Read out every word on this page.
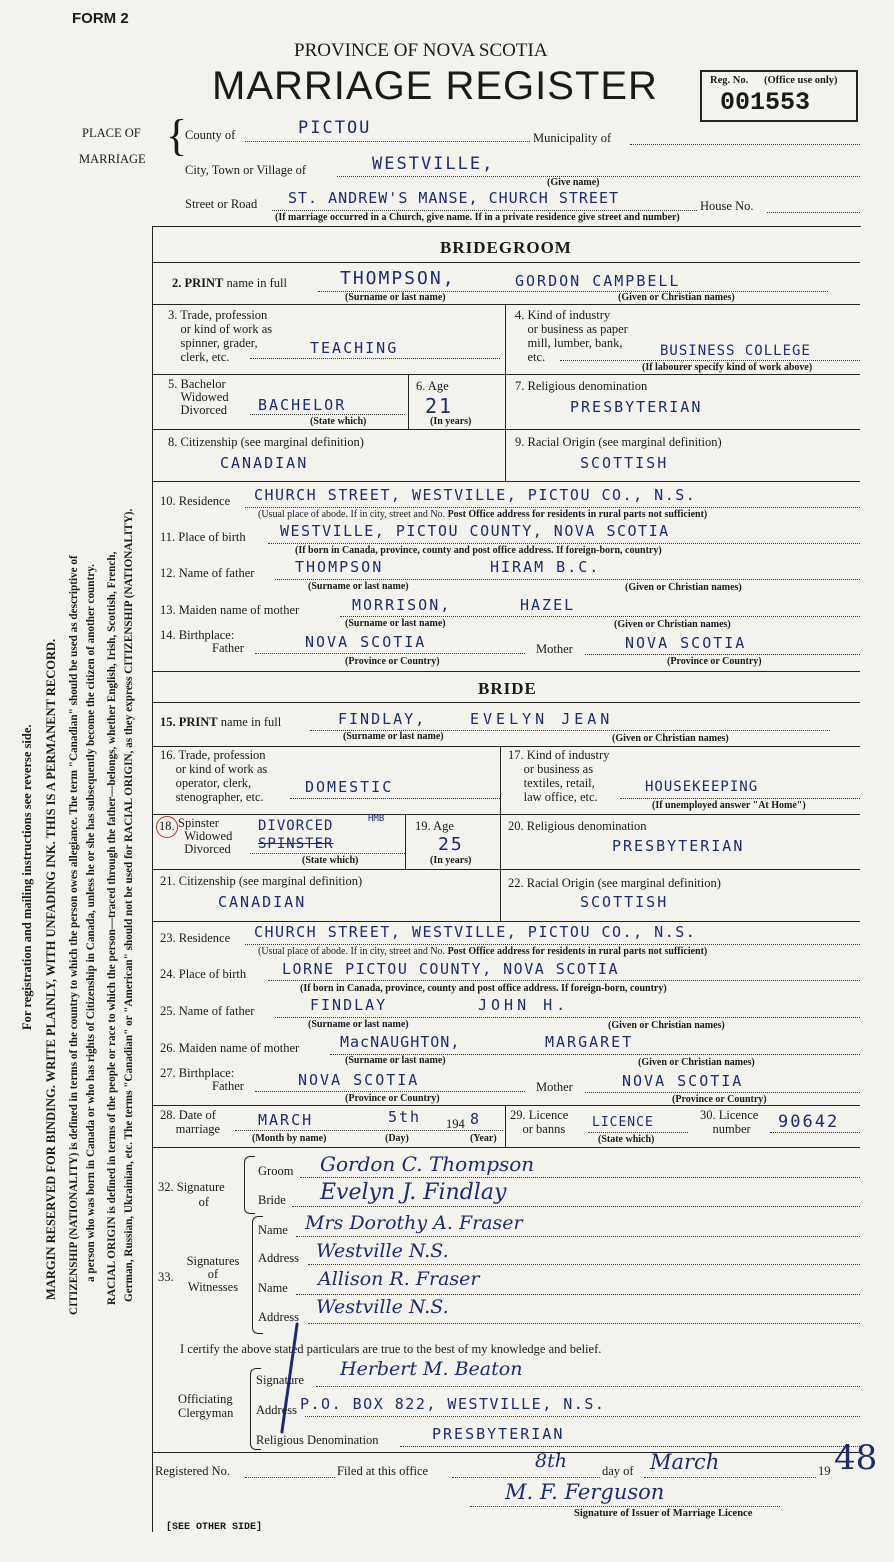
FORM 2
PROVINCE OF NOVA SCOTIA
MARRIAGE REGISTER	Reg. No. (Office use only)
001553
PLACE OF
MARRIAGE {
County of	PICTOU	Municipality of
City, Town or Village of	WESTVILLE,
(Give name)
Street or Road ST. ANDREW'S MANSE, CHURCH STREET	House No.
(If marriage occurred in a Church, give name. If in a private residence give street and number)
BRIDEGROOM
2. PRINT name in full	THOMPSON,	GORDON CAMPBELL
(Surname or last name)	(Given or Christian names)
3. Trade, profession
or kind of work as
spinner, grader,
clerk, etc.	TEACHING
4. Kind of industry
or business as paper
mill, lumber, bank,
etc.	BUSINESS COLLEGE
(If labourer specify kind of work above)
5. Bachelor
Widowed
Divorced BACHELOR
(State which)
6. Age
21
(In years)
7. Religious denomination
PRESBYTERIAN
8. Citizenship (see marginal definition)
CANADIAN
9. Racial Origin (see marginal definition)
SCOTTISH
10. Residence CHURCH STREET, WESTVILLE, PICTOU CO., N.S.
(Usual place of abode. If in city, street and No. Post Office address for residents in rural parts not sufficient)
11. Place of birth WESTVILLE, PICTOU COUNTY, NOVA SCOTIA
(If born in Canada, province, county and post office address. If foreign-born, country)
12. Name of father	THOMPSON	HIRAM B.C.
(Surname or last name)	(Given or Christian names)
13. Maiden name of mother	MORRISON,	HAZEL
(Surname or last name)	(Given or Christian names)
14. Birthplace:
Father	NOVA SCOTIA	Mother	NOVA SCOTIA
(Province or Country)	(Province or Country)
BRIDE
15. PRINT name in full	FINDLAY,	EVELYN JEAN
(Surname or last name)	(Given or Christian names)
16. Trade, profession
or kind of work as
operator, clerk,
stenographer, etc.
DOMESTIC
17. Kind of industry
or business as
textiles, retail,
law office, etc.
HOUSEKEEPING
(If unemployed answer "At Home")
18. Spinster
Widowed
Divorced
DIVORCED
SPINSTER
HMB
(State which)
19. Age
25
(In years)
20. Religious denomination
PRESBYTERIAN
21. Citizenship (see marginal definition)
CANADIAN
22. Racial Origin (see marginal definition)
SCOTTISH
23. Residence CHURCH STREET, WESTVILLE, PICTOU CO., N.S.
(Usual place of abode. If in city, street and No. Post Office address for residents in rural parts not sufficient)
24. Place of birth LORNE PICTOU COUNTY, NOVA SCOTIA
(If born in Canada, province, county and post office address. If foreign-born, country)
25. Name of father	FINDLAY	JOHN H.
(Surname or last name)	(Given or Christian names)
26. Maiden name of mother	MacNAUGHTON,	MARGARET
(Surname or last name)	(Given or Christian names)
27. Birthplace:
Father	NOVA SCOTIA	Mother	NOVA SCOTIA
(Province or Country)	(Province or Country)
28. Date of
marriage	MARCH	5th 194 8
(Month by name)	(Day)	(Year)
29. Licence
or banns LICENCE
(State which)
30. Licence
number	90642
32. Signature
of
Groom Gordon C. Thompson
Bride Evelyn J. Findlay
33.
Signatures
of
Witnesses
Name Mrs Dorothy A. Fraser
Address Westville N.S.
Name Allison R. Fraser
Address Westville N.S.
I certify the above stated particulars are true to the best of my knowledge and belief.
Officiating
Clergyman
Signature Herbert M. Beaton
Address P.O. BOX 822, WESTVILLE, N.S.
Religious Denomination	PRESBYTERIAN
Registered No.	Filed at this office	8th	day of March	19 48
M. F. Ferguson
Signature of Issuer of Marriage Licence
[SEE OTHER SIDE]
For registration and mailing instructions see reverse side. MARGIN RESERVED FOR BINDING. WRITE PLAINLY, WITH UNFADING INK. THIS IS A PERMANENT RECORD. CITIZENSHIP (NATIONALITY) is defined in terms of the country to which the person owes allegiance. The term "Canadian" should be used as descriptive of a person who was born in Canada or who has rights of Citizenship in Canada, unless he or she has subsequently become the citizen of another country. RACIAL ORIGIN is defined in terms of the people or race to which the person—traced through the father—belongs, whether English, Irish, Scottish, French, German, Russian, Ukrainian, etc. The terms "Canadian" or "American" should not be used for RACIAL ORIGIN, as they express CITIZENSHIP (NATIONALITY).
